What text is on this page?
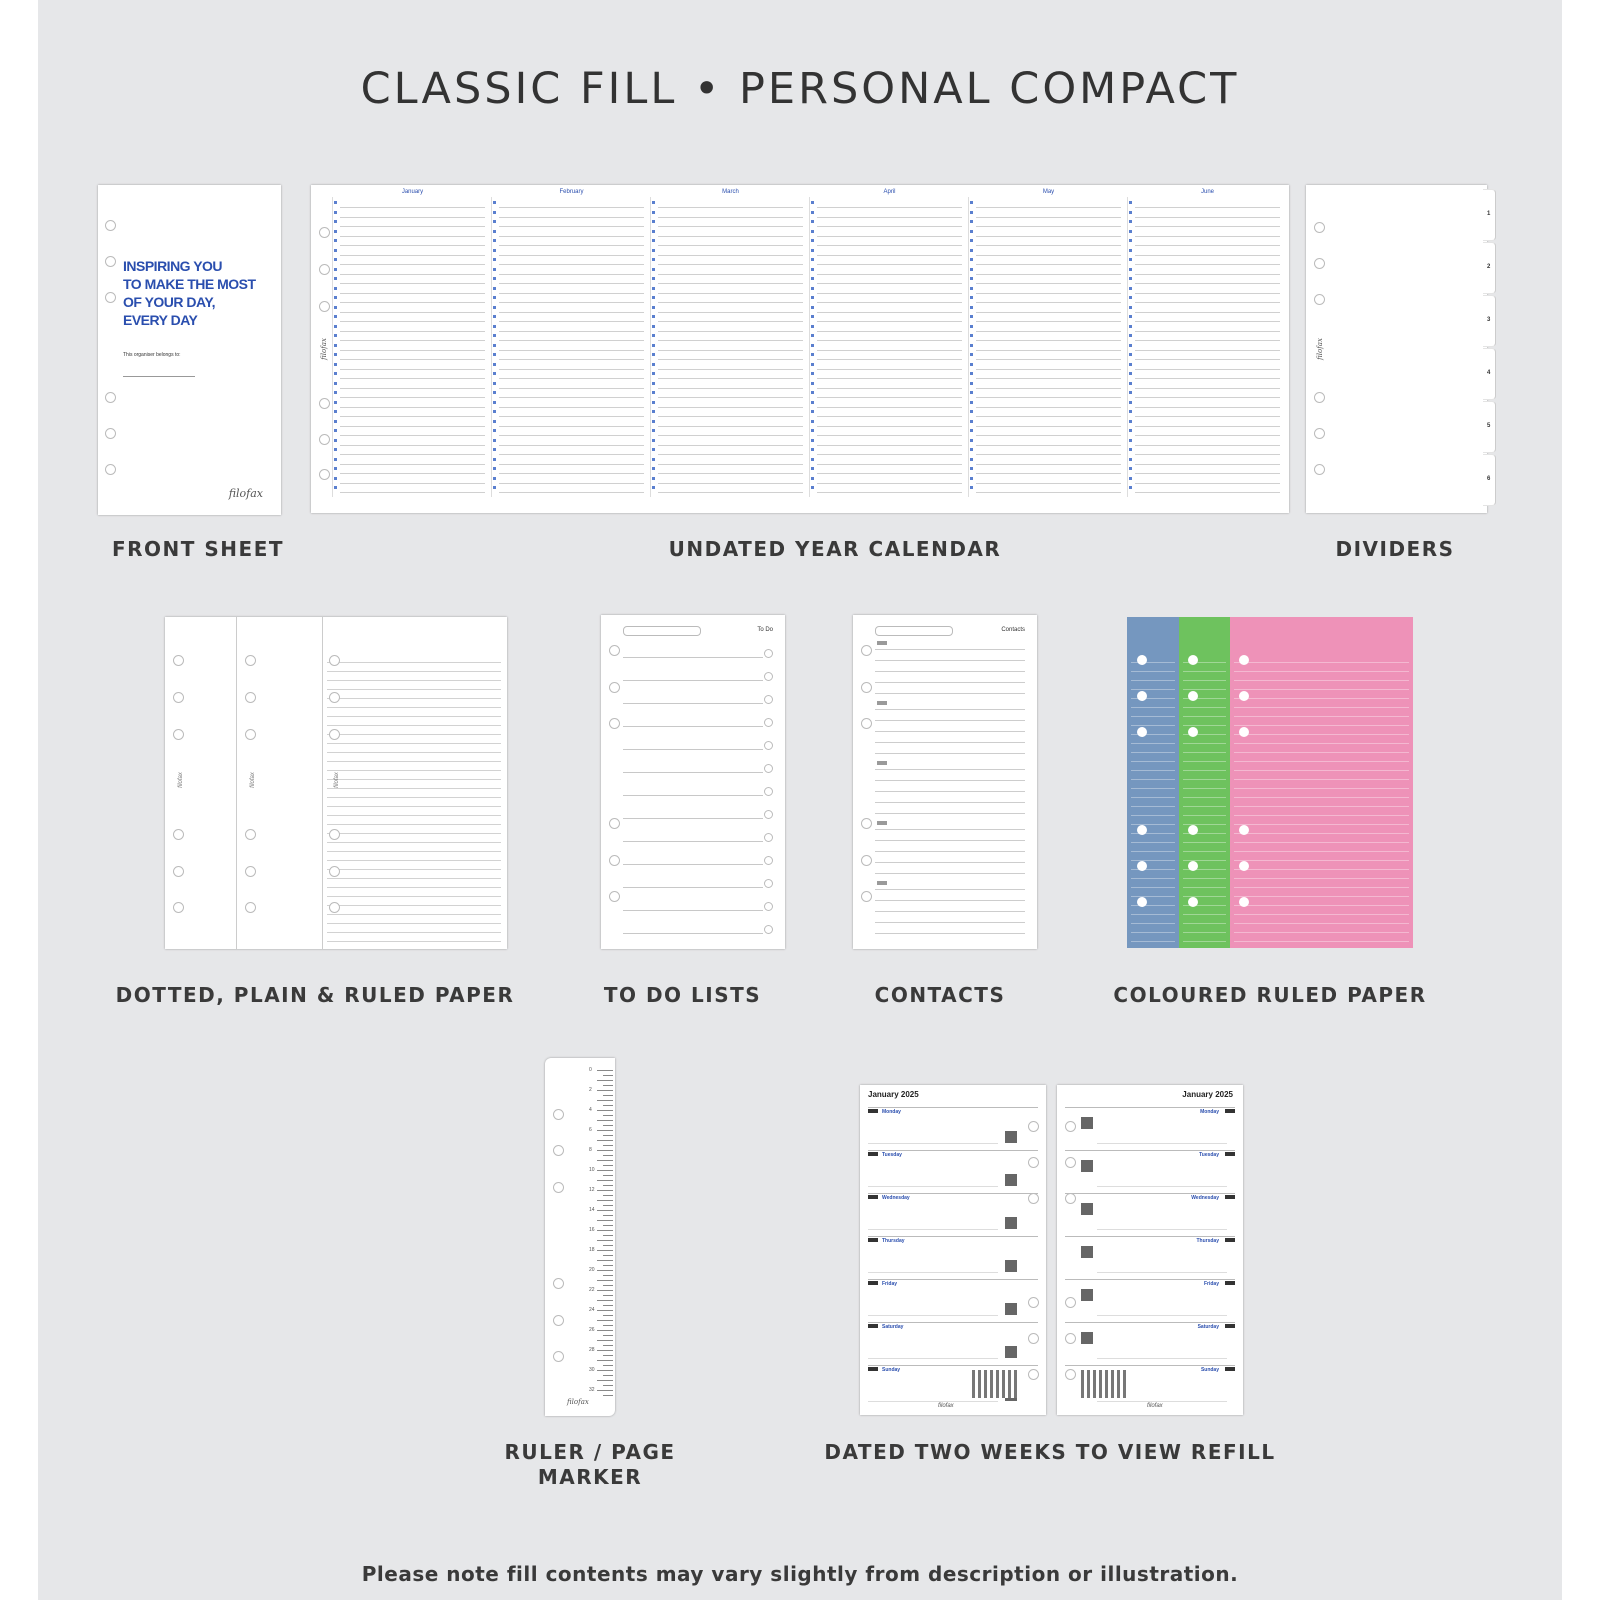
CLASSIC FILL • PERSONAL COMPACT
INSPIRING YOU
TO MAKE THE MOST
OF YOUR DAY,
EVERY DAY
This organiser belongs to:
filofax
FRONT SHEET
filofax
January	February	March	April	May	June
UNDATED YEAR CALENDAR
1
2
3
4
5
6
filofax
DIVIDERS
filofax	filofax	filofax
DOTTED, PLAIN & RULED PAPER
To Do
TO DO LISTS
Contacts
CONTACTS	COLOURED RULED PAPER
0
2
4
6
8
10
12
14
16
18
20
22
24
26
28
30
32
filofax
RULER / PAGE
MARKER
January 2025
Monday
Tuesday
Wednesday
Thursday
Friday
Saturday
Sunday
filofax
January 2025
Monday
Tuesday
Wednesday
Thursday
Friday
Saturday
Sunday
filofax
DATED TWO WEEKS TO VIEW REFILL
Please note fill contents may vary slightly from description or illustration.
